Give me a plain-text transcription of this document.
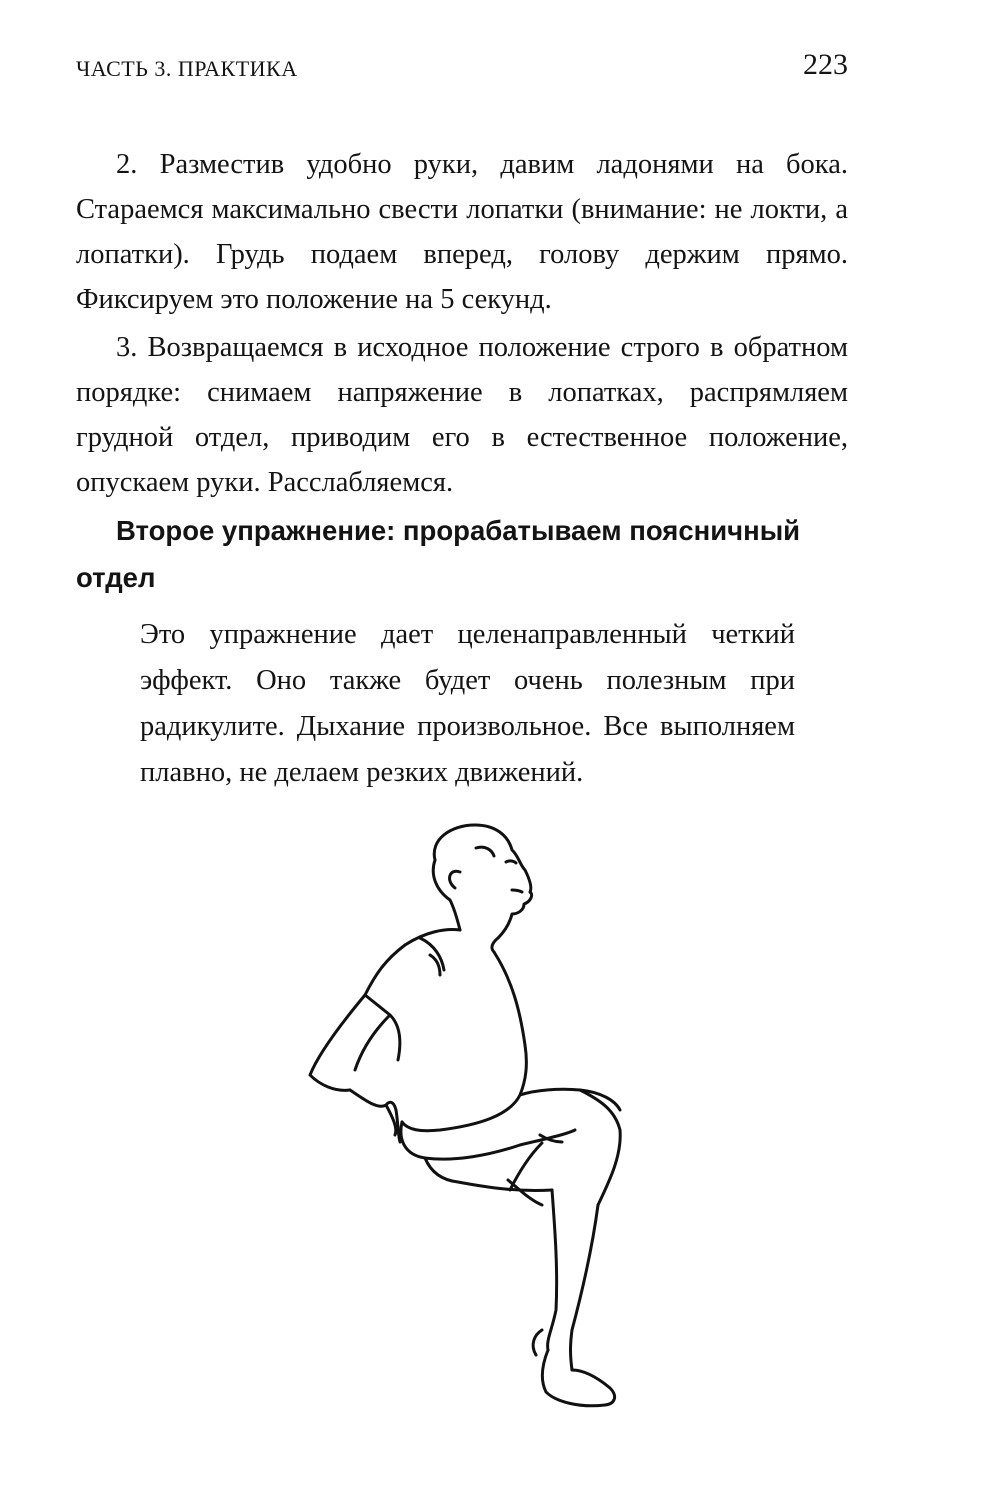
ЧАСТЬ 3. ПРАКТИКА	223

2. Разместив удобно руки, давим ладонями на бока. Стараемся максимально свести лопатки (внимание: не локти, а лопатки). Грудь подаем вперед, голову держим прямо. Фиксируем это положение на 5 секунд.

3. Возвращаемся в исходное положение строго в обратном порядке: снимаем напряжение в лопатках, распрямляем грудной отдел, приводим его в естественное положение, опускаем руки. Расслабляемся.

Второе упражнение: прорабатываем поясничный отдел

Это упражнение дает целенаправленный четкий эффект. Оно также будет очень полезным при радикулите. Дыхание произвольное. Все выполняем плавно, не делаем резких движений.
